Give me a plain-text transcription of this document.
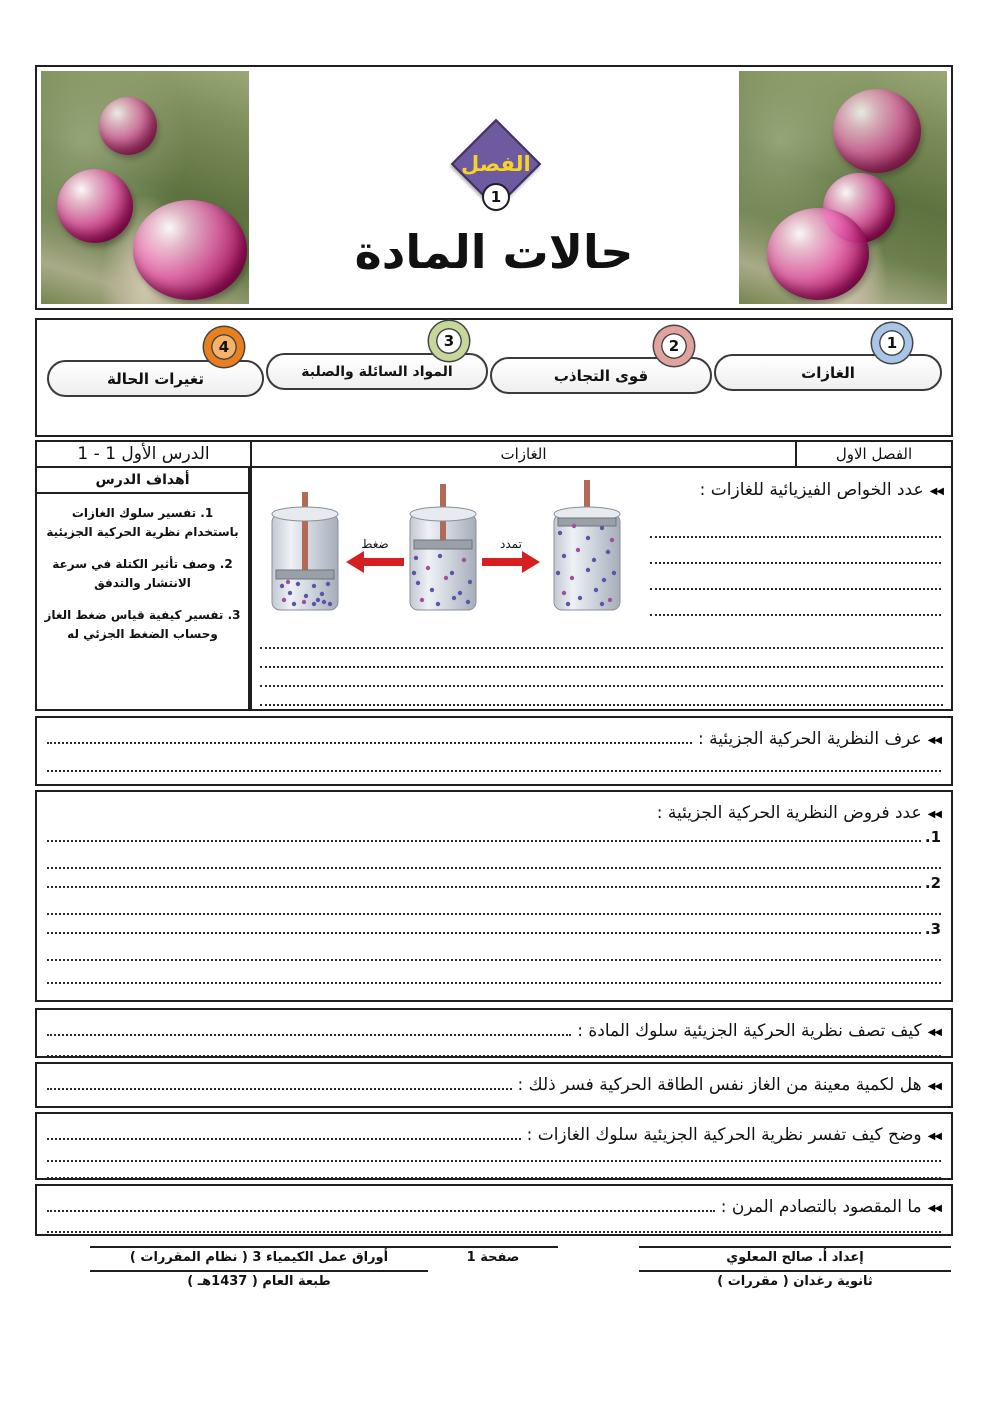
الفصل
1
حالات المادة
الغازات
قوى التجاذب
المواد السائلة والصلبة
تغيرات الحالة
1
2
3
4
الفصل الاول
الغازات
الدرس الأول 1 - 1
أهداف الدرس
1. تفسير سلوك الغازات باستخدام نظرية الحركية الجزيئية
2. وصف تأثير الكتلة في سرعة الانتشار والتدفق
3. تفسير كيفية قياس ضغط الغاز وحساب الضغط الجزئي له
◀◀
عدد الخواص الفيزيائية للغازات :
ضغط	تمدد
◀◀
عرف النظرية الحركية الجزيئية :
◀◀
عدد فروض النظرية الحركية الجزيئية :
1.
2.
3.
◀◀
كيف تصف نظرية الحركية الجزيئية سلوك المادة :
◀◀
هل لكمية معينة من الغاز نفس الطاقة الحركية فسر ذلك :
◀◀
وضح كيف تفسر نظرية الحركية الجزيئية سلوك الغازات :
◀◀
ما المقصود بالتصادم المرن :
إعداد أ. صالح المعلوي
ثانوية رغدان ( مقررات )
صفحة 1
أوراق عمل الكيمياء 3 ( نظام المقررات )
طبعة العام ( 1437هـ )
